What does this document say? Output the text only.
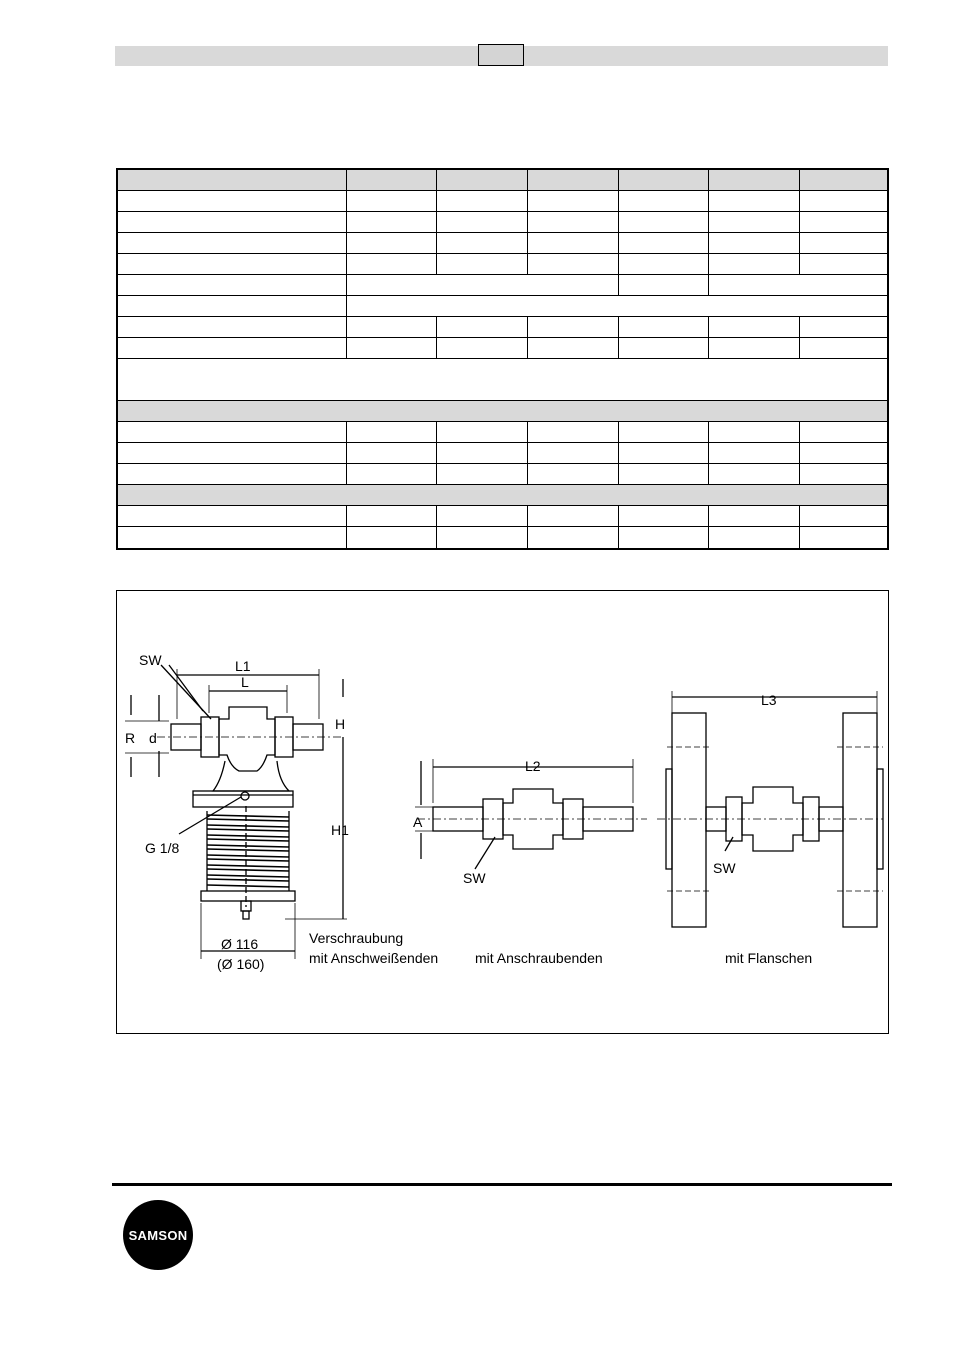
SW	L1
L
H
R d
H1
G 1/8
Ø 116
(Ø 160)
L2
A
SW
L3
SW
Verschraubung
mit Anschweißenden	mit Anschraubenden	mit Flanschen
SAMSON
